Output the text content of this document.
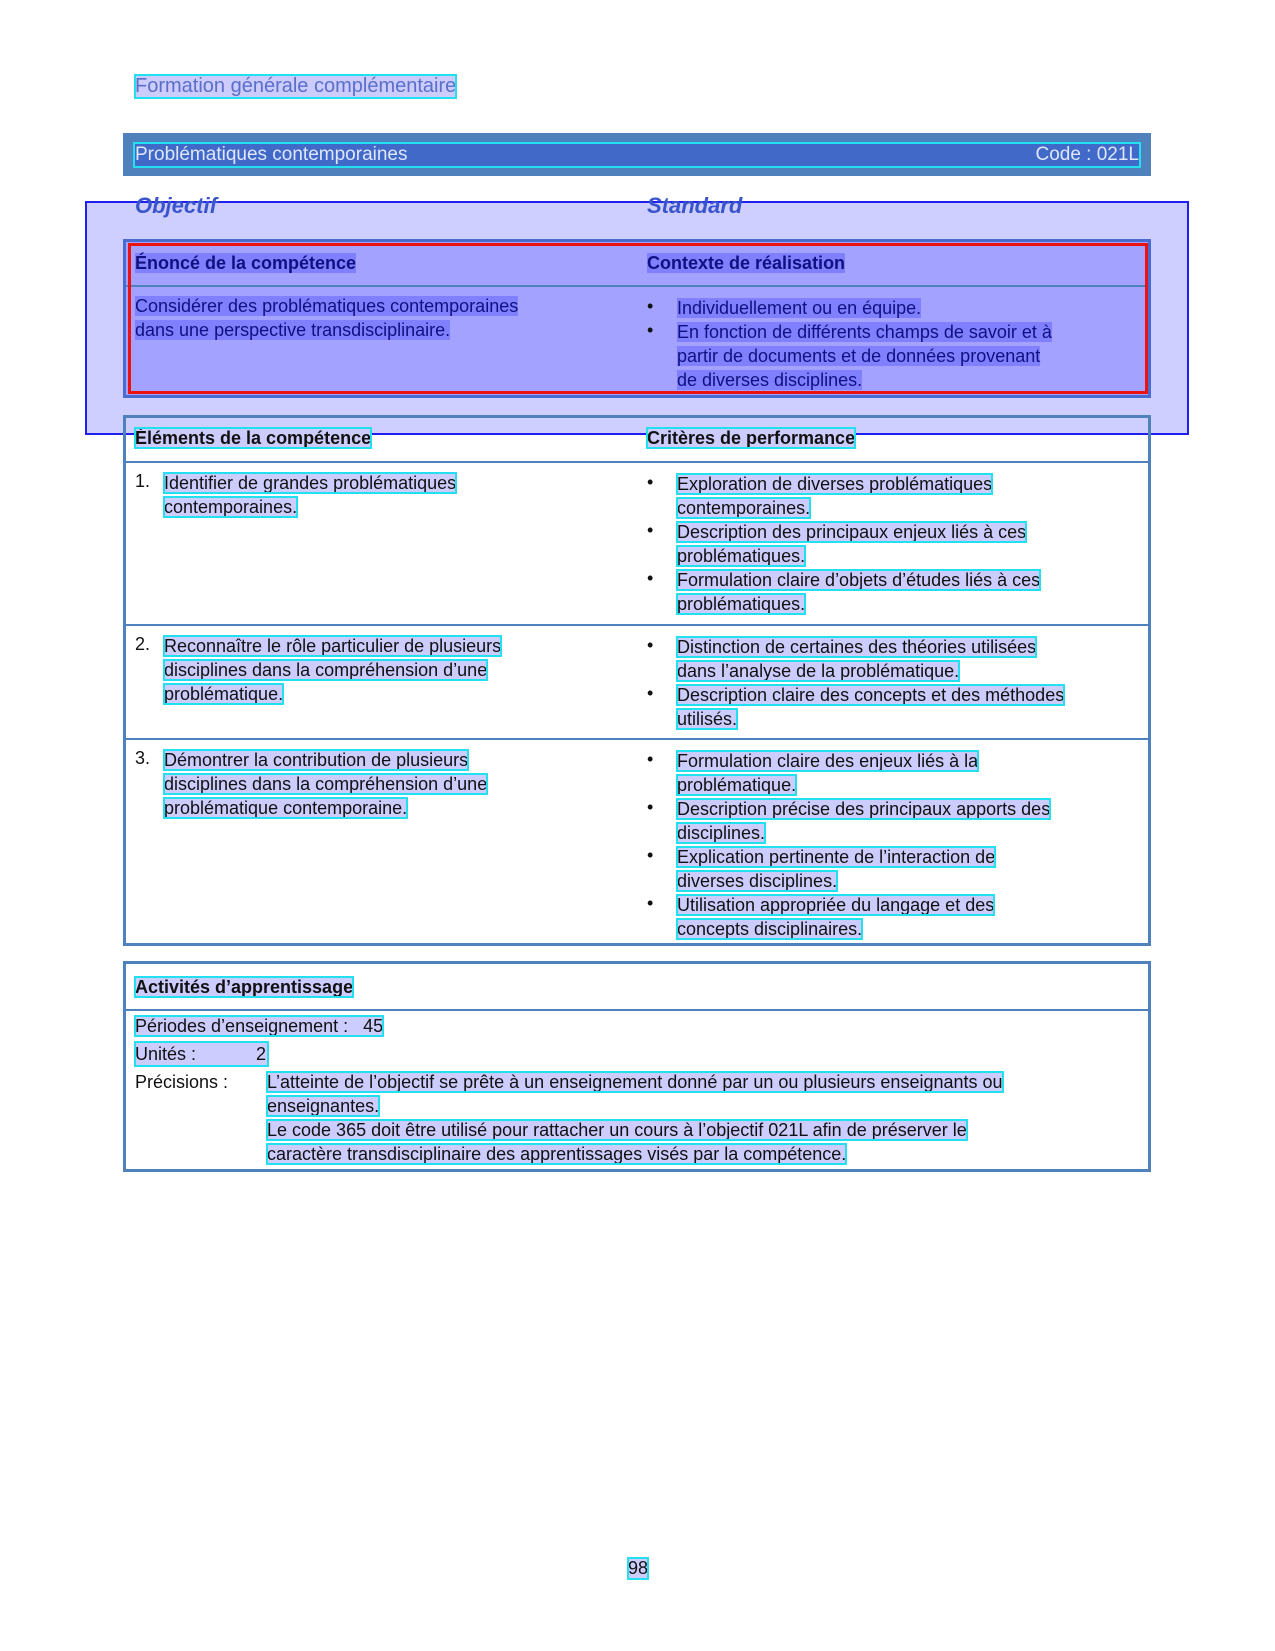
Formation générale complémentaire
Problématiques contemporaines	Code : 021L
Objectif	Standard
Énoncé de la compétence	Contexte de réalisation
Considérer des problématiques contemporaines
dans une perspective transdisciplinaire.
• Individuellement ou en équipe.
• En fonction de différents champs de savoir et à
partir de documents et de données provenant
de diverses disciplines.
Éléments de la compétence	Critères de performance
1. Identifier de grandes problématiques
contemporaines.
• Exploration de diverses problématiques
contemporaines.
• Description des principaux enjeux liés à ces
problématiques.
• Formulation claire d’objets d’études liés à ces
problématiques.
2. Reconnaître le rôle particulier de plusieurs
disciplines dans la compréhension d’une
problématique.
• Distinction de certaines des théories utilisées
dans l’analyse de la problématique.
• Description claire des concepts et des méthodes
utilisés.
3. Démontrer la contribution de plusieurs
disciplines dans la compréhension d’une
problématique contemporaine.
• Formulation claire des enjeux liés à la
problématique.
• Description précise des principaux apports des
disciplines.
• Explication pertinente de l’interaction de
diverses disciplines.
• Utilisation appropriée du langage et des
concepts disciplinaires.
Activités d’apprentissage
Périodes d’enseignement : 45
Unités :	2
Précisions : L’atteinte de l’objectif se prête à un enseignement donné par un ou plusieurs enseignants ou
enseignantes.
Le code 365 doit être utilisé pour rattacher un cours à l’objectif 021L afin de préserver le
caractère transdisciplinaire des apprentissages visés par la compétence.
98
